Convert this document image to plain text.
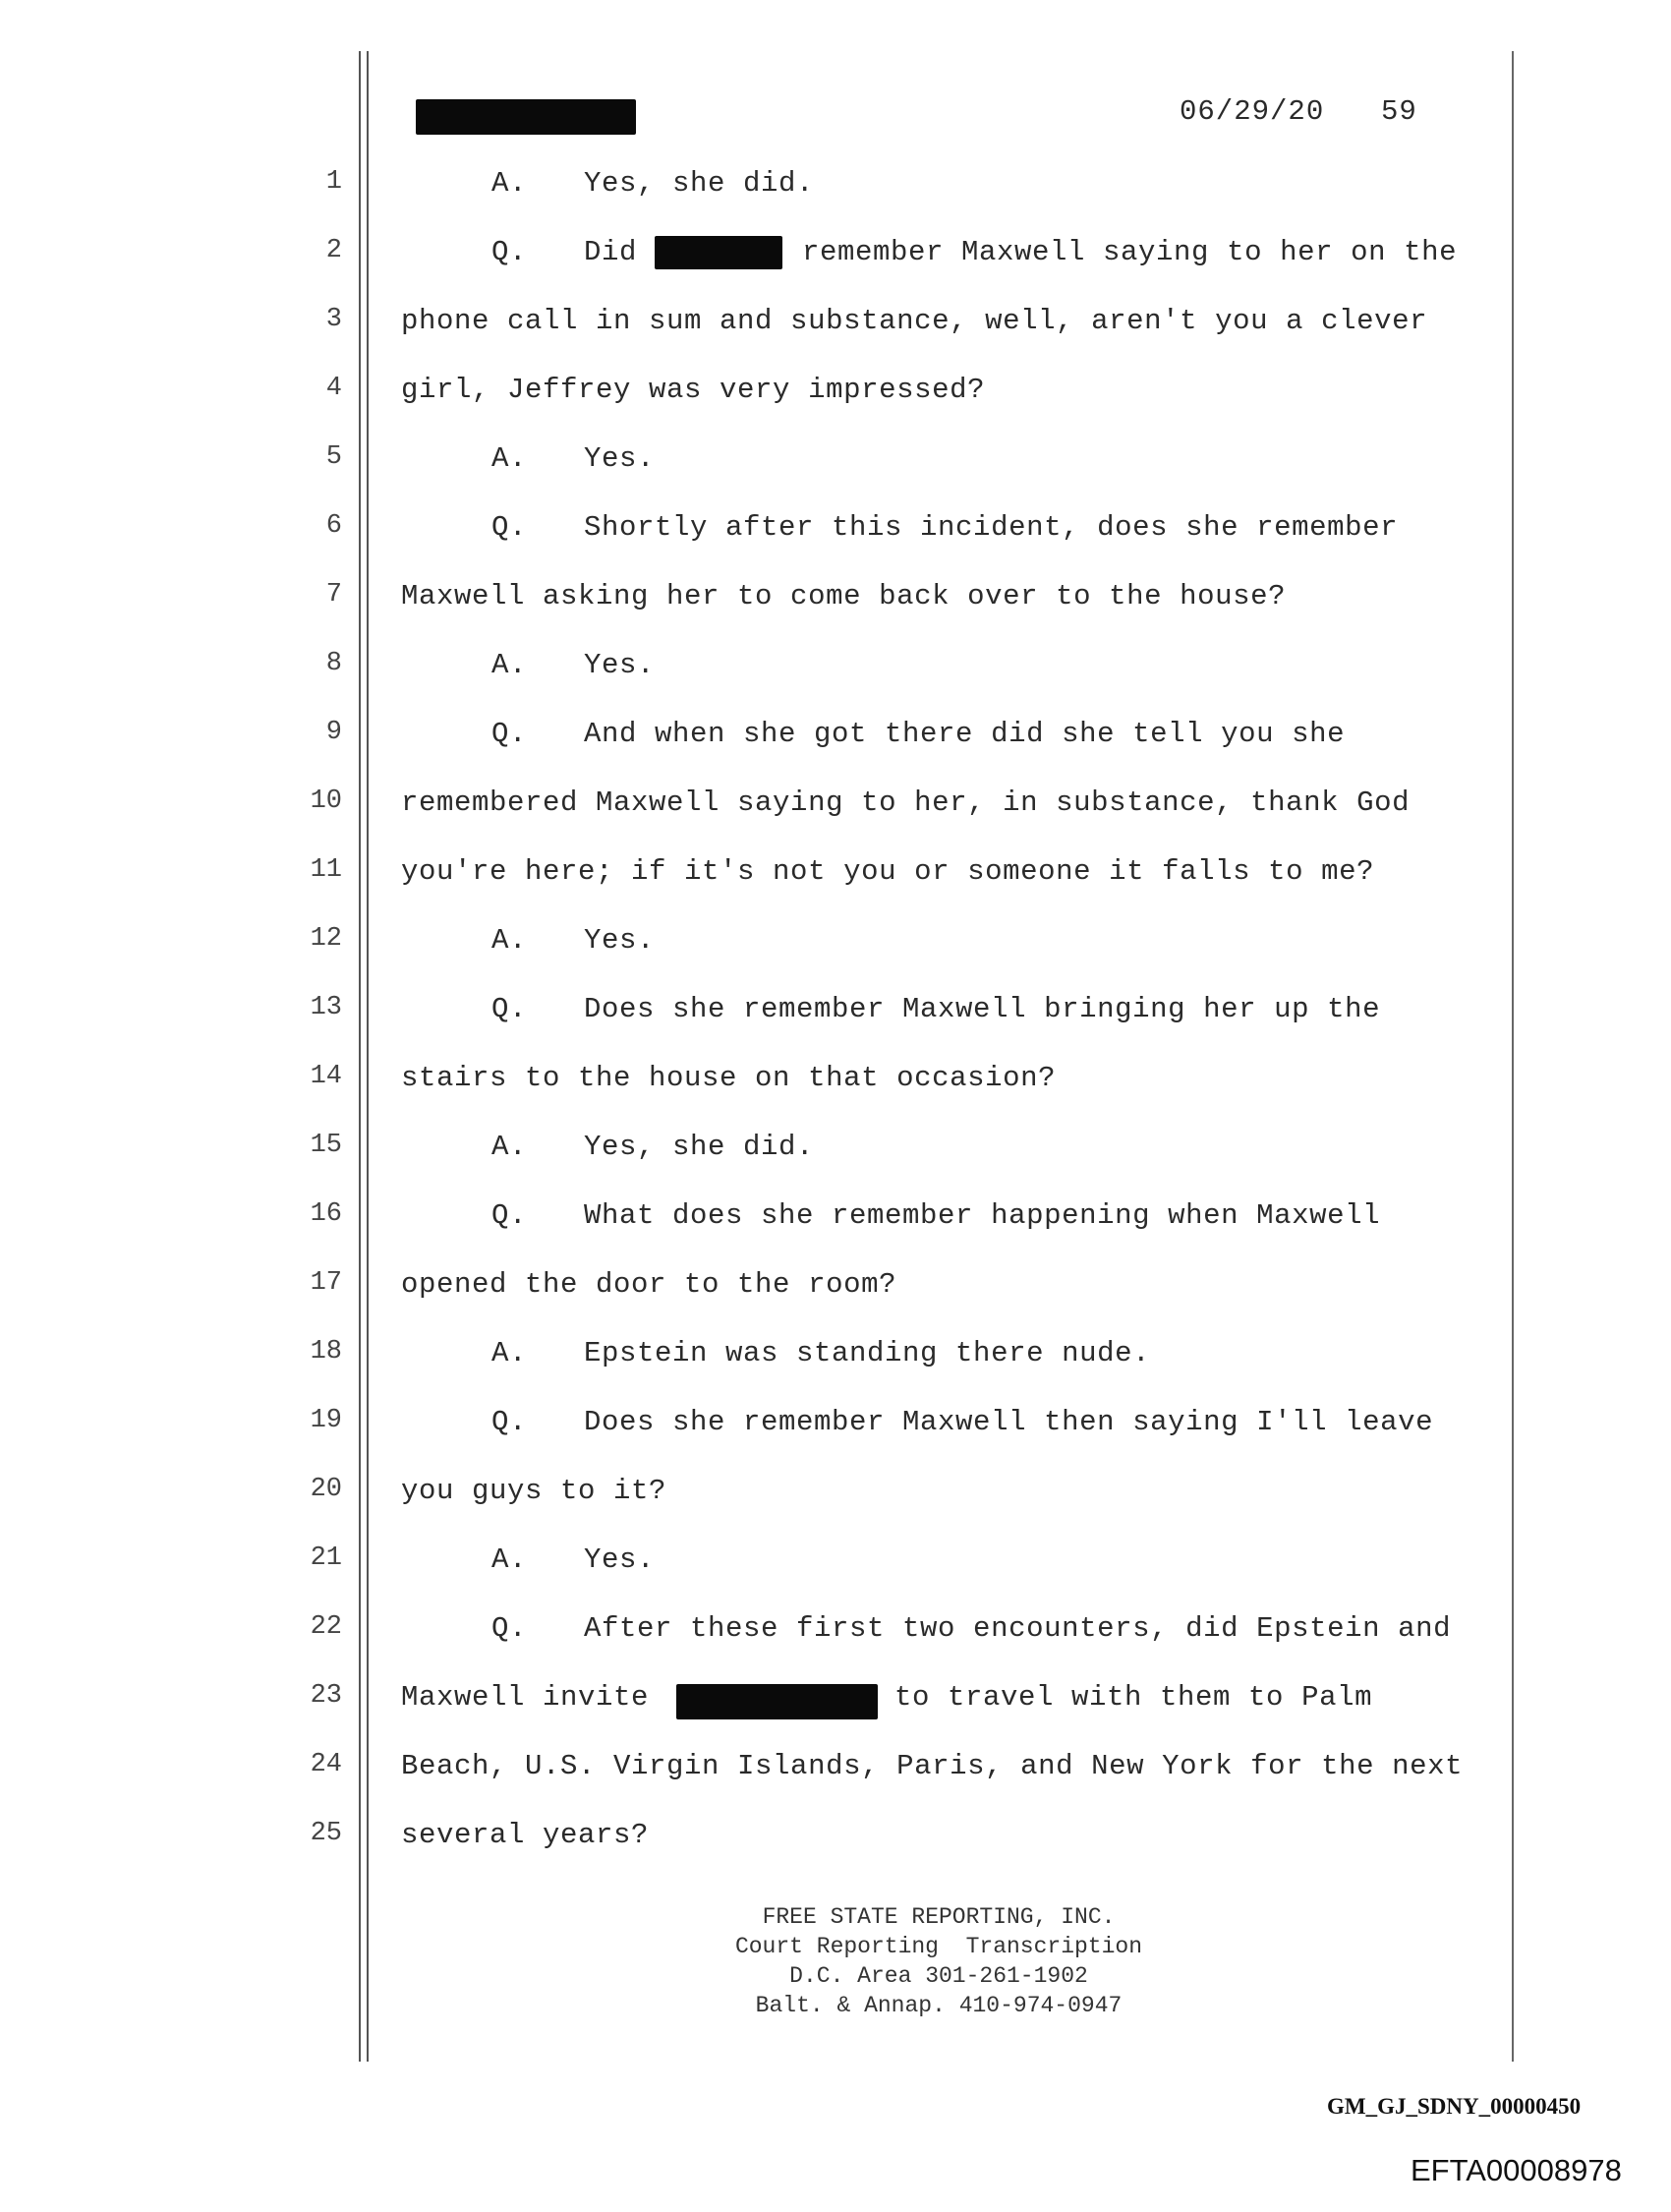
06/29/20 59
1	A. Yes, she did.
2	Q. Did	remember Maxwell saying to her on the
3 phone call in sum and substance, well, aren't you a clever
4 girl, Jeffrey was very impressed?
5	A. Yes.
6	Q. Shortly after this incident, does she remember
7 Maxwell asking her to come back over to the house?
8	A. Yes.
9	Q. And when she got there did she tell you she
10 remembered Maxwell saying to her, in substance, thank God
11 you're here; if it's not you or someone it falls to me?
12	A. Yes.
13	Q. Does she remember Maxwell bringing her up the
14 stairs to the house on that occasion?
15	A. Yes, she did.
16	Q. What does she remember happening when Maxwell
17 opened the door to the room?
18	A. Epstein was standing there nude.
19	Q. Does she remember Maxwell then saying I'll leave
20 you guys to it?
21	A. Yes.
22	Q. After these first two encounters, did Epstein and
23 Maxwell invite	to travel with them to Palm
24 Beach, U.S. Virgin Islands, Paris, and New York for the next
25 several years?
FREE STATE REPORTING, INC.
Court Reporting  Transcription
D.C. Area 301-261-1902
Balt. & Annap. 410-974-0947
GM_GJ_SDNY_00000450
EFTA00008978
